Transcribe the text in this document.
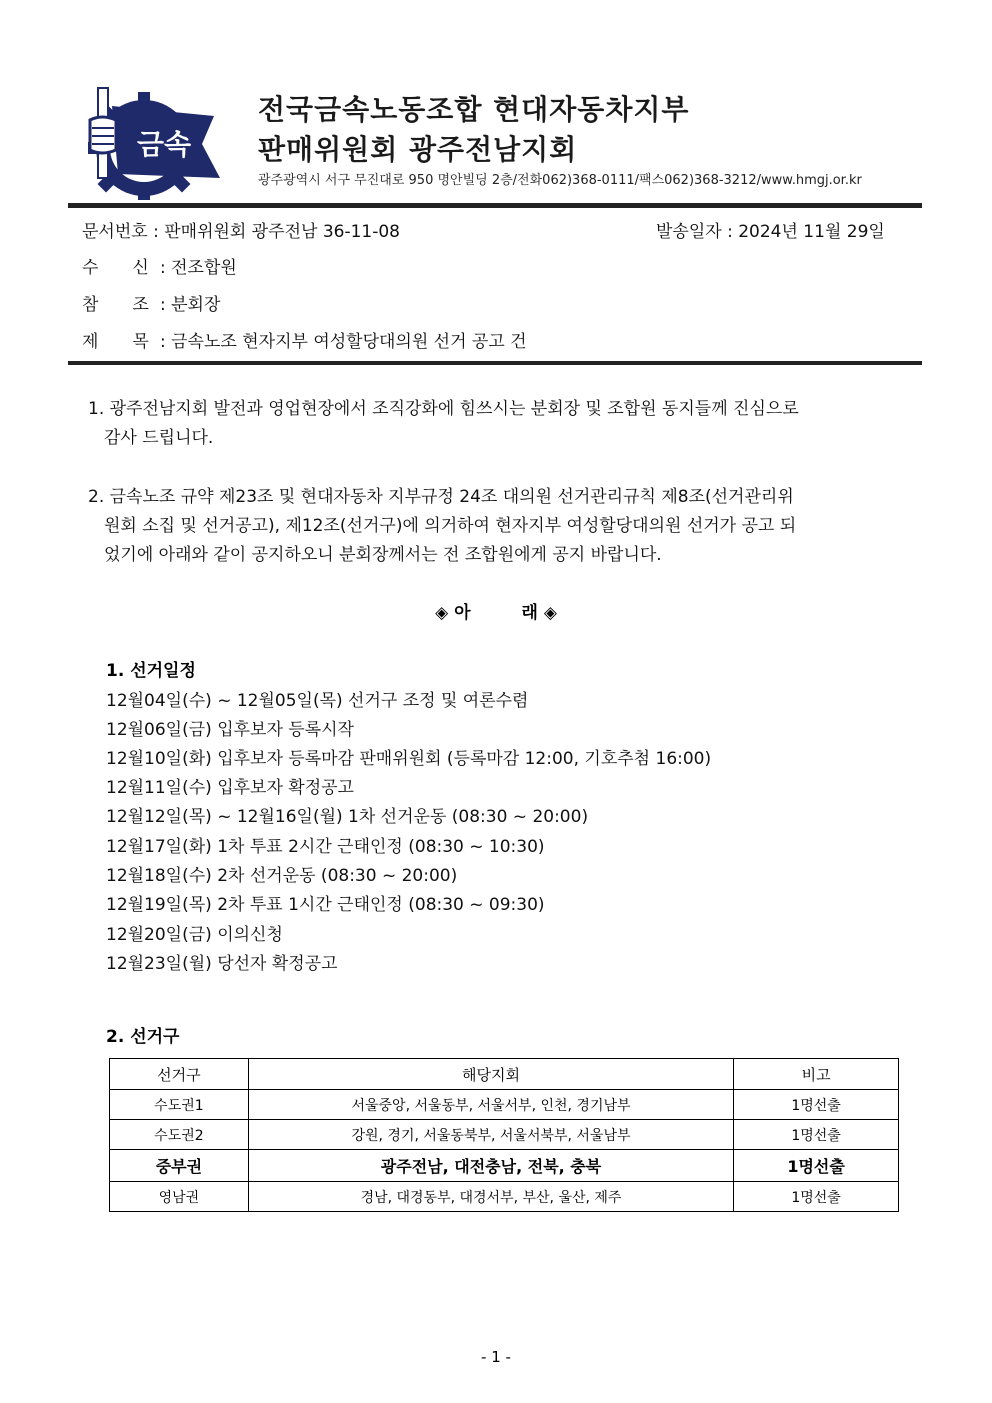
금속
전국금속노동조합 현대자동차지부
판매위원회 광주전남지회
광주광역시 서구 무진대로 950 명안빌딩 2층/전화062)368-0111/팩스062)368-3212/www.hmgj.or.kr
문서번호 : 판매위원회 광주전남 36-11-08	발송일자 : 2024년 11월 29일
수　　신 : 전조합원
참　　조 : 분회장
제　　목 : 금속노조 현자지부 여성할당대의원 선거 공고 건
1. 광주전남지회 발전과 영업현장에서 조직강화에 힘쓰시는 분회장 및 조합원 동지들께 진심으로
감사 드립니다.
2. 금속노조 규약 제23조 및 현대자동차 지부규정 24조 대의원 선거관리규칙 제8조(선거관리위
원회 소집 및 선거공고), 제12조(선거구)에 의거하여 현자지부 여성할당대의원 선거가 공고 되
었기에 아래와 같이 공지하오니 분회장께서는 전 조합원에게 공지 바랍니다.
◈ 아　　　래 ◈
1. 선거일정
12월04일(수) ~ 12월05일(목) 선거구 조정 및 여론수렴
12월06일(금) 입후보자 등록시작
12월10일(화) 입후보자 등록마감 판매위원회 (등록마감 12:00, 기호추첨 16:00)
12월11일(수) 입후보자 확정공고
12월12일(목) ~ 12월16일(월) 1차 선거운동 (08:30 ~ 20:00)
12월17일(화) 1차 투표 2시간 근태인정 (08:30 ~ 10:30)
12월18일(수) 2차 선거운동 (08:30 ~ 20:00)
12월19일(목) 2차 투표 1시간 근태인정 (08:30 ~ 09:30)
12월20일(금) 이의신청
12월23일(월) 당선자 확정공고
2. 선거구
선거구	해당지회	비고
수도권1	서울중앙, 서울동부, 서울서부, 인천, 경기남부	1명선출
수도권2	강원, 경기, 서울동북부, 서울서북부, 서울남부	1명선출
중부권	광주전남, 대전충남, 전북, 충북	1명선출
영남권	경남, 대경동부, 대경서부, 부산, 울산, 제주	1명선출
- 1 -
